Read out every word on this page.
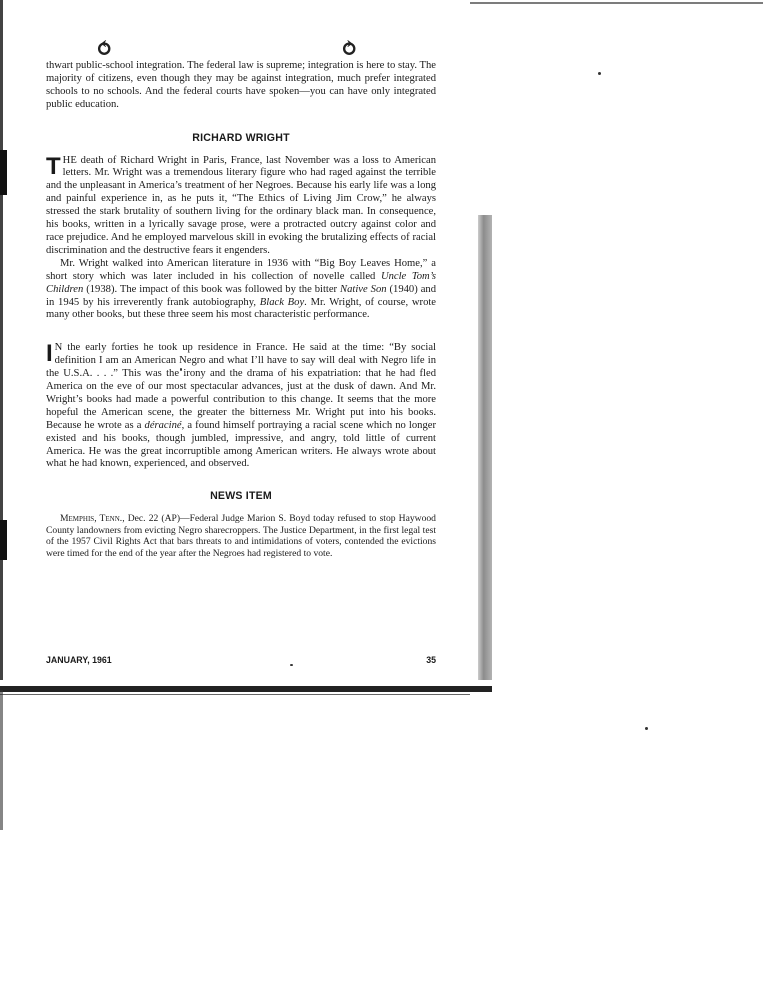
⥀	⥁

thwart public-school integration. The federal law is supreme; integration is here to stay. The majority of citizens, even though they may be against integration, much prefer integrated schools to no schools. And the federal courts have spoken—you can have only integrated public education.

RICHARD WRIGHT

THE death of Richard Wright in Paris, France, last November was a loss to American letters. Mr. Wright was a tremendous literary figure who had raged against the terrible and the unpleasant in America’s treatment of her Negroes. Because his early life was a long and painful experience in, as he puts it, “The Ethics of Living Jim Crow,” he always stressed the stark brutality of southern living for the ordinary black man. In consequence, his books, written in a lyrically savage prose, were a protracted outcry against color and race prejudice. And he employed marvelous skill in evoking the brutalizing effects of racial discrimination and the destructive fears it engenders.

Mr. Wright walked into American literature in 1936 with “Big Boy Leaves Home,” a short story which was later included in his collection of novelle called Uncle Tom’s Children (1938). The impact of this book was followed by the bitter Native Son (1940) and in 1945 by his irreverently frank autobiography, Black Boy. Mr. Wright, of course, wrote many other books, but these three seem his most characteristic performance.

I N the early forties he took up residence in France. He said at the time: “By social definition I am an American Negro and what I’ll have to say will deal with Negro life in the U.S.A. . . .” This was the irony and the drama of his expatriation: that he had fled America on the eve of our most spectacular advances, just at the dusk of dawn. And Mr. Wright’s books had made a powerful contribution to this change. It seems that the more hopeful the American scene, the greater the bitterness Mr. Wright put into his books. Because he wrote as a déraciné, a found himself portraying a racial scene which no longer existed and his books, though jumbled, impressive, and angry, told little of current America. He was the great incorruptible among American writers. He always wrote about what he had known, experienced, and observed.

NEWS ITEM

Memphis, Tenn., Dec. 22 (AP)—Federal Judge Marion S. Boyd today refused to stop Haywood County landowners from evicting Negro sharecroppers. The Justice Department, in the first legal test of the 1957 Civil Rights Act that bars threats to and intimidations of voters, contended the evictions were timed for the end of the year after the Negroes had registered to vote.

JANUARY, 1961	35
